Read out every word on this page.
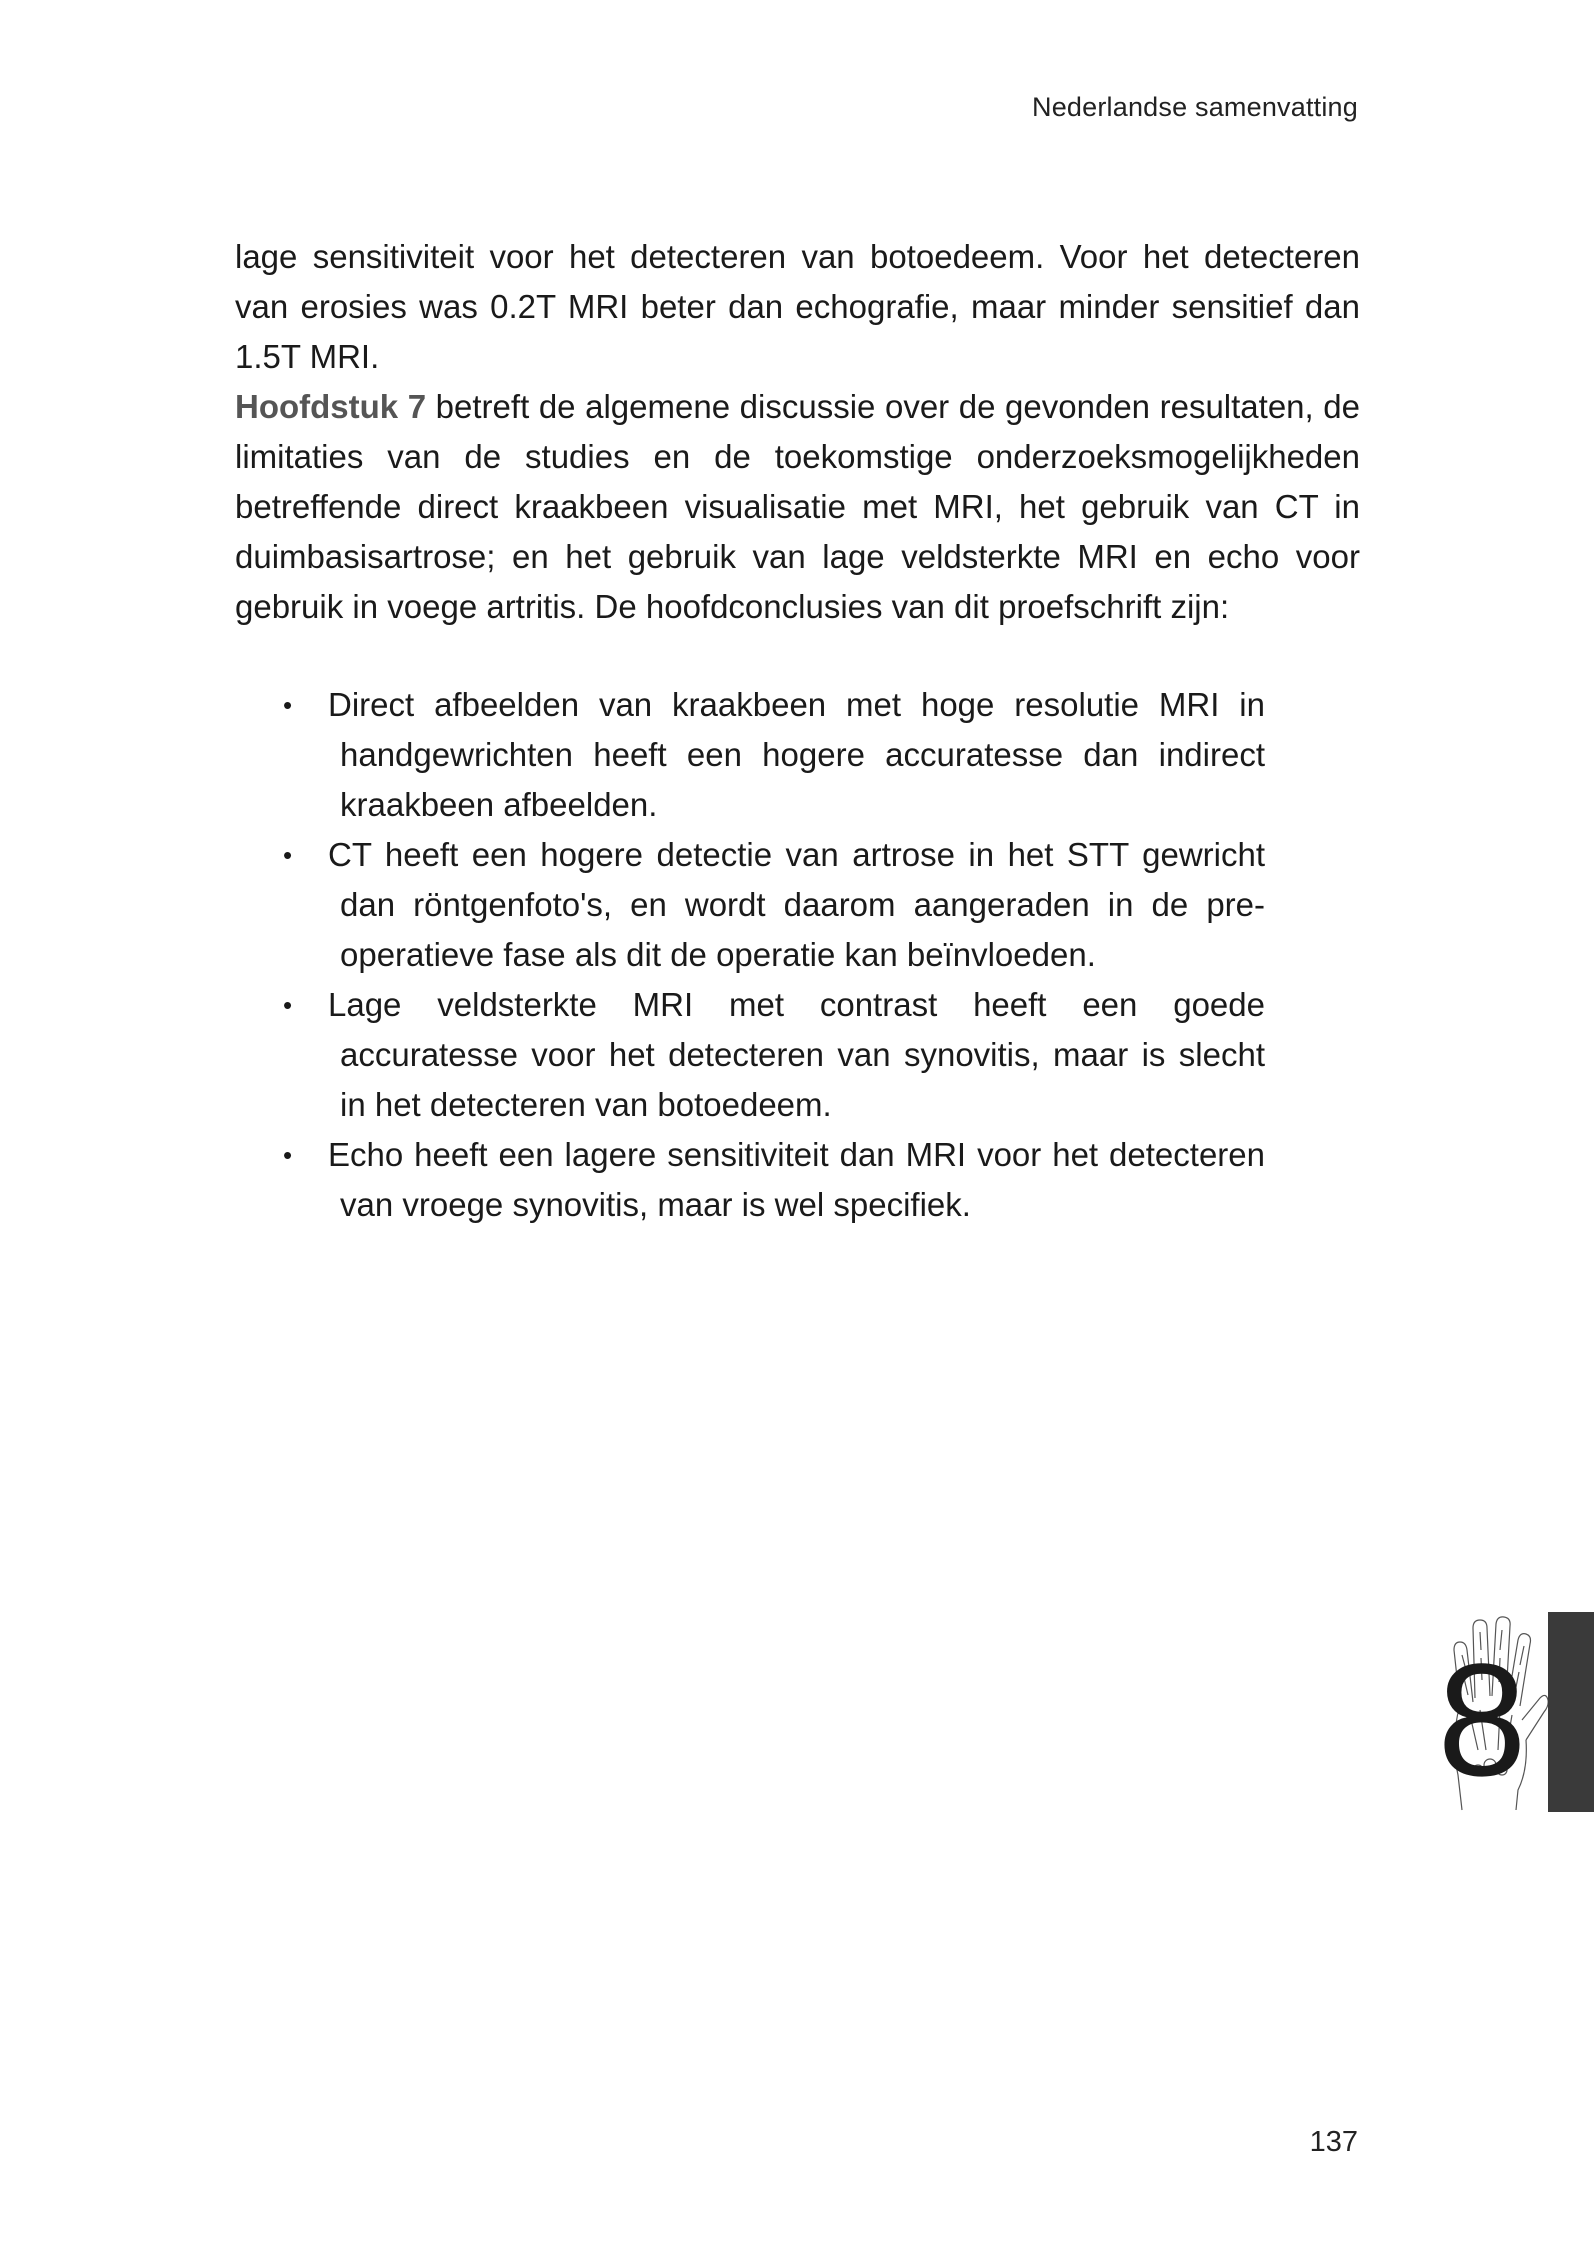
Nederlandse samenvatting

lage sensitiviteit voor het detecteren van botoedeem. Voor het detecteren van erosies was 0.2T MRI beter dan echografie, maar minder sensitief dan 1.5T MRI.

Hoofdstuk 7 betreft de algemene discussie over de gevonden resultaten, de limitaties van de studies en de toekomstige onderzoeksmogelijkheden betreffende direct kraakbeen visualisatie met MRI, het gebruik van CT in duimbasisartrose; en het gebruik van lage veldsterkte MRI en echo voor gebruik in voege artritis. De hoofdconclusies van dit proefschrift zijn:

• Direct afbeelden van kraakbeen met hoge resolutie MRI in handgewrichten heeft een hogere accuratesse dan indirect kraakbeen afbeelden.
• CT heeft een hogere detectie van artrose in het STT gewricht dan röntgenfoto's, en wordt daarom aangeraden in de pre-operatieve fase als dit de operatie kan beïnvloeden.
• Lage veldsterkte MRI met contrast heeft een goede accuratesse voor het detecteren van synovitis, maar is slecht in het detecteren van botoedeem.
• Echo heeft een lagere sensitiviteit dan MRI voor het detecteren van vroege synovitis, maar is wel specifiek.
8
137
